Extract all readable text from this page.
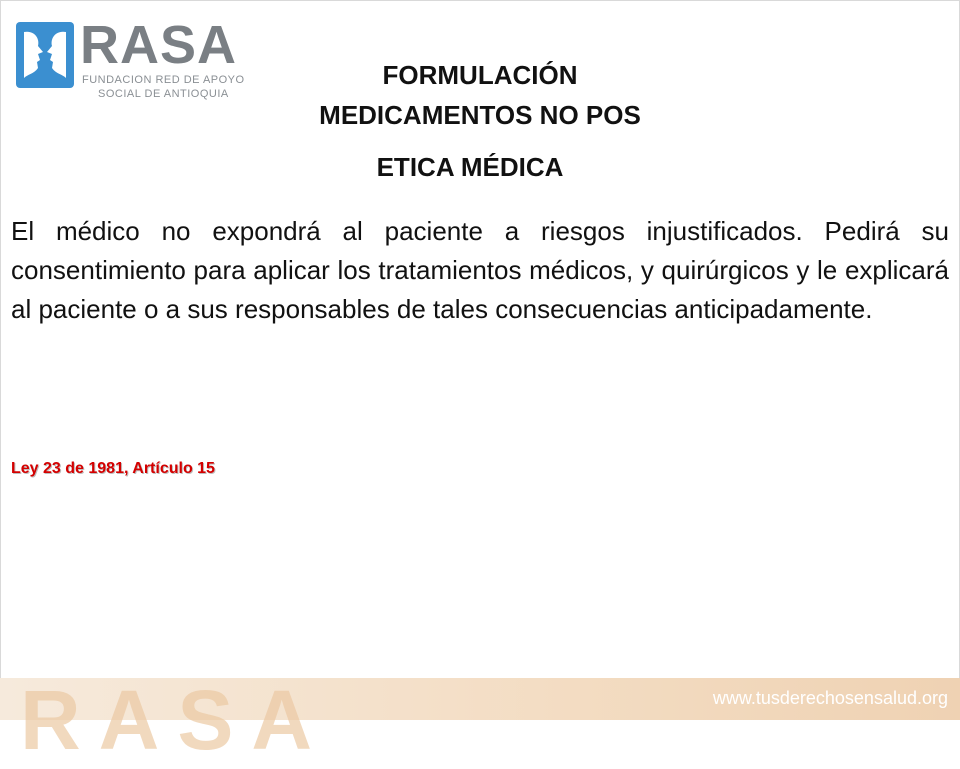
RASA
FUNDACION RED DE APOYO
SOCIAL DE ANTIOQUIA
FORMULACIÓN
MEDICAMENTOS NO POS
ETICA MÉDICA
El médico no expondrá al paciente a riesgos injustificados. Pedirá su consentimiento para aplicar los tratamientos médicos, y quirúrgicos y le explicará al paciente o a sus responsables de tales consecuencias anticipadamente.
Ley 23 de 1981, Artículo 15
RASA	www.tusderechosensalud.org
